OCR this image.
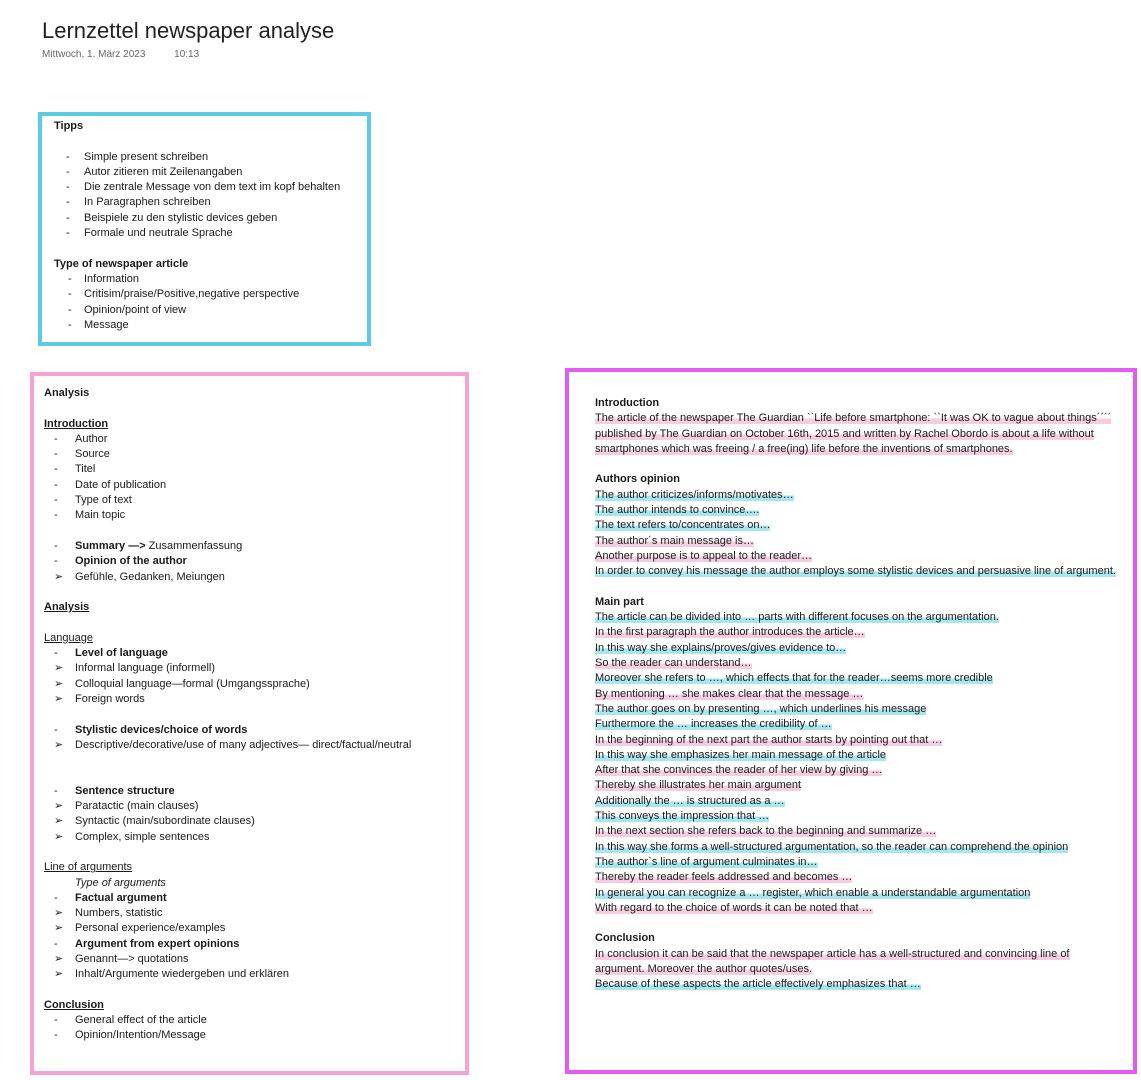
Lernzettel newspaper analyse
Mittwoch, 1. März 2023	10:13
Tipps
- Simple present schreiben
- Autor zitieren mit Zeilenangaben
- Die zentrale Message von dem text im kopf behalten
- In Paragraphen schreiben
- Beispiele zu den stylistic devices geben
- Formale und neutrale Sprache
Type of newspaper article
- Information
- Critisim/praise/Positive,negative perspective
- Opinion/point of view
- Message
Analysis
Introduction
- Author
- Source
- Titel
- Date of publication
- Type of text
- Main topic
- Summary —> Zusammenfassung
- Opinion of the author
➢ Gefühle, Gedanken, Meiungen
Analysis
Language
- Level of language
➢ Informal language (informell)
➢ Colloquial language—formal (Umgangssprache)
➢ Foreign words
- Stylistic devices/choice of words
➢ Descriptive/decorative/use of many adjectives— direct/factual/neutral
- Sentence structure
➢ Paratactic (main clauses)
➢ Syntactic (main/subordinate clauses)
➢ Complex, simple sentences
Line of arguments
Type of arguments
- Factual argument
➢ Numbers, statistic
➢ Personal experience/examples
- Argument from expert opinions
➢ Genannt—> quotations
➢ Inhalt/Argumente wiedergeben und erklären
Conclusion
- General effect of the article
- Opinion/Intention/Message
Introduction
The article of the newspaper The Guardian ``Life before smartphone: ``It was OK to vague about things´´´´ published by The Guardian on October 16th, 2015 and written by Rachel Obordo is about a life without smartphones which was freeing / a free(ing) life before the inventions of smartphones.
Authors opinion
The author criticizes/informs/motivates…
The author intends to convince….
The text refers to/concentrates on…
The author´s main message is…
Another purpose is to appeal to the reader…
In order to convey his message the author employs some stylistic devices and persuasive line of argument.
Main part
The article can be divided into … parts with different focuses on the argumentation.
In the first paragraph the author introduces the article…
In this way she explains/proves/gives evidence to…
So the reader can understand…
Moreover she refers to …, which effects that for the reader…seems more credible
By mentioning … she makes clear that the message …
The author goes on by presenting …, which underlines his message
Furthermore the … increases the credibility of …
In the beginning of the next part the author starts by pointing out that …
In this way she emphasizes her main message of the article
After that she convinces the reader of her view by giving …
Thereby she illustrates her main argument
Additionally the … is structured as a …
This conveys the impression that …
In the next section she refers back to the beginning and summarize …
In this way she forms a well-structured argumentation, so the reader can comprehend the opinion
The author`s line of argument culminates in…
Thereby the reader feels addressed and becomes …
In general you can recognize a … register, which enable a understandable argumentation
With regard to the choice of words it can be noted that …
Conclusion
In conclusion it can be said that the newspaper article has a well-structured and convincing line of argument. Moreover the author quotes/uses.
Because of these aspects the article effectively emphasizes that …
